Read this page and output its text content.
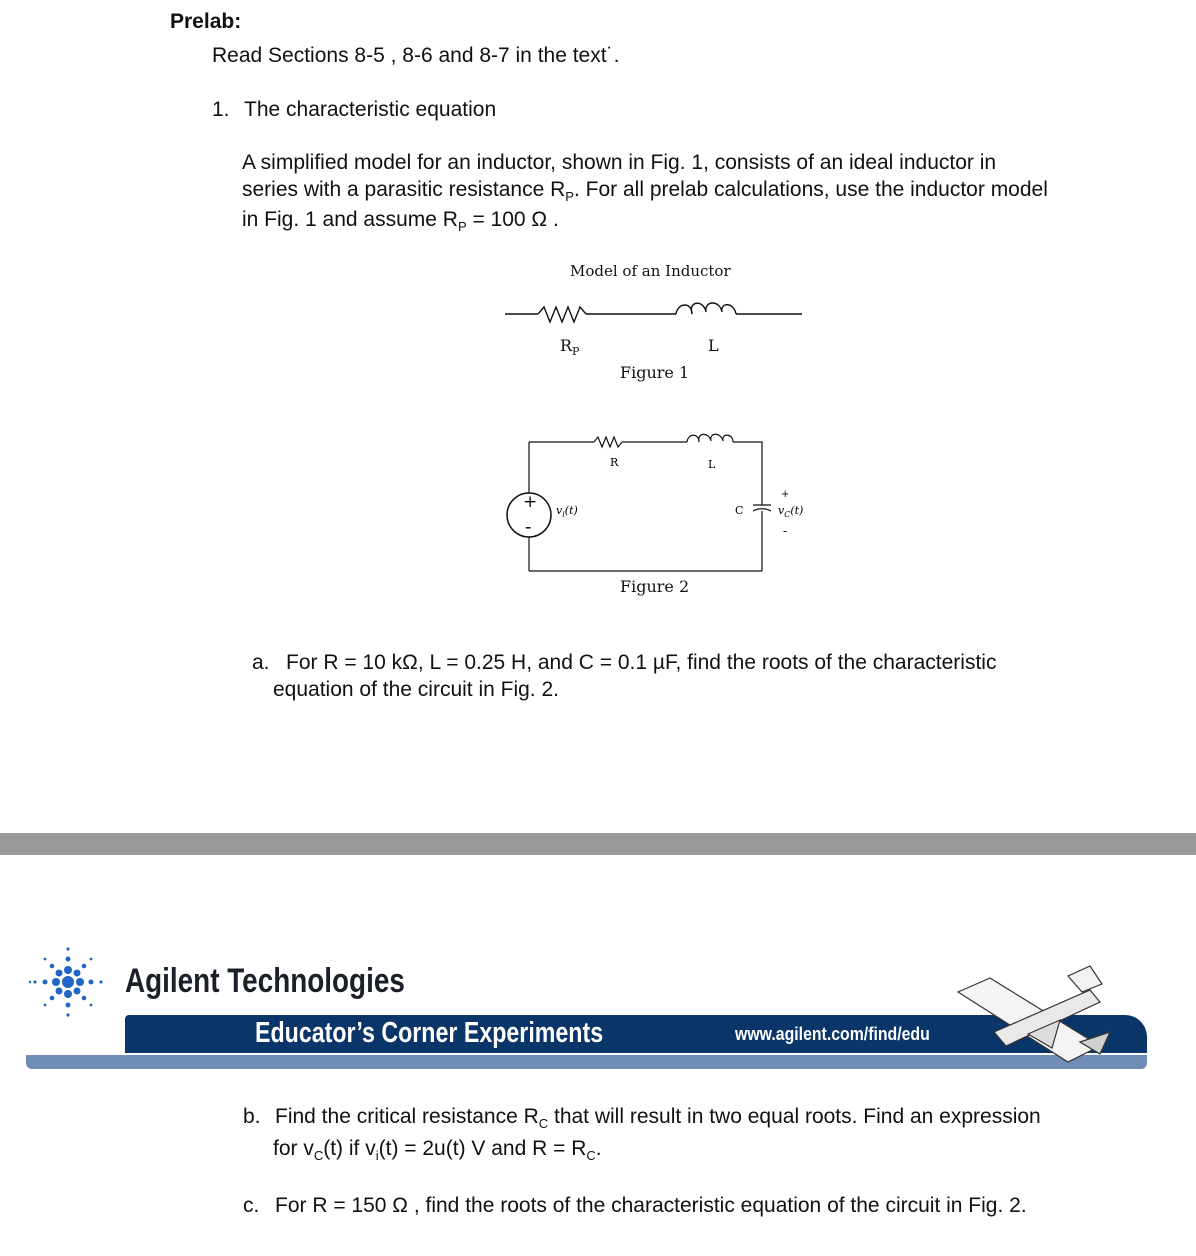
Prelab:
Read Sections 8-5 , 8-6 and 8-7 in the text˙.
1. The characteristic equation
A simplified model for an inductor, shown in Fig. 1, consists of an ideal inductor in
series with a parasitic resistance $R_P$. For all prelab calculations, use the inductor model
in Fig. 1 and assume $R_P = 100$ Ω .
Model of an Inductor
$R_P$	L
Figure 1
+
-
R	L
C
+
-
$v_i(t)$	$v_C(t)$
Figure 2
a. For R = 10 kΩ, L = 0.25 H, and C = 0.1 µF, find the roots of the characteristic
equation of the circuit in Fig. 2.
Agilent Technologies
Educator’s Corner Experiments	www.agilent.com/find/edu
b. Find the critical resistance $R_C$ that will result in two equal roots. Find an expression
for $v_C(t)$ if $v_i(t) = 2u(t)$ V and $R = R_C$.
c. For R = 150 Ω , find the roots of the characteristic equation of the circuit in Fig. 2.
